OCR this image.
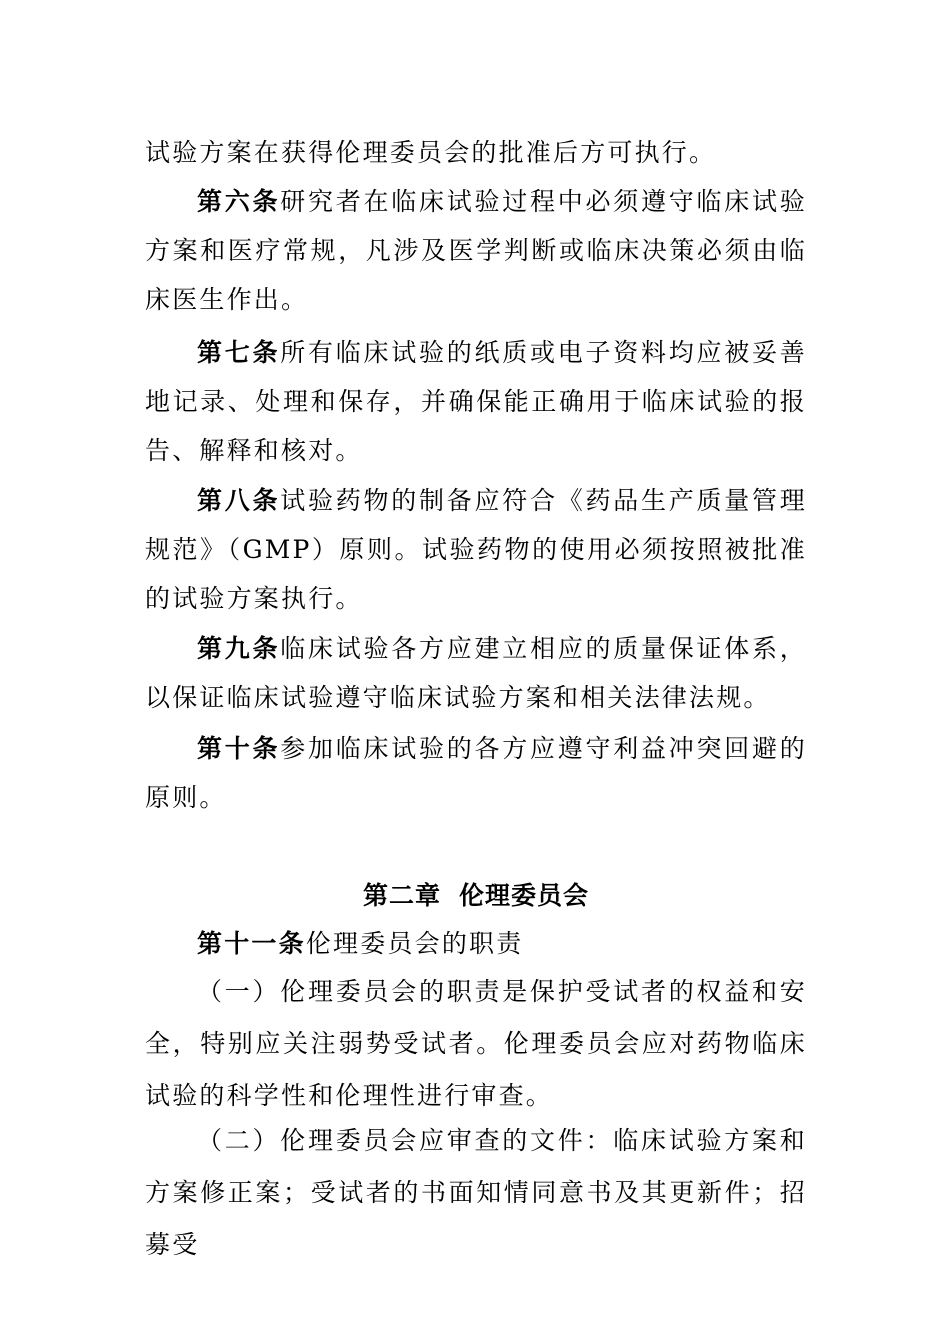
试验方案在获得伦理委员会的批准后方可执行。

第六条研究者在临床试验过程中必须遵守临床试验方案和医疗常规，凡涉及医学判断或临床决策必须由临床医生作出。

第七条所有临床试验的纸质或电子资料均应被妥善地记录、处理和保存，并确保能正确用于临床试验的报告、解释和核对。

第八条试验药物的制备应符合《药品生产质量管理规范》（GMP）原则。试验药物的使用必须按照被批准的试验方案执行。

第九条临床试验各方应建立相应的质量保证体系，以保证临床试验遵守临床试验方案和相关法律法规。

第十条参加临床试验的各方应遵守利益冲突回避的原则。

第二章 伦理委员会

第十一条伦理委员会的职责

（一）伦理委员会的职责是保护受试者的权益和安全，特别应关注弱势受试者。伦理委员会应对药物临床试验的科学性和伦理性进行审查。

（二）伦理委员会应审查的文件：临床试验方案和方案修正案；受试者的书面知情同意书及其更新件；招募受
